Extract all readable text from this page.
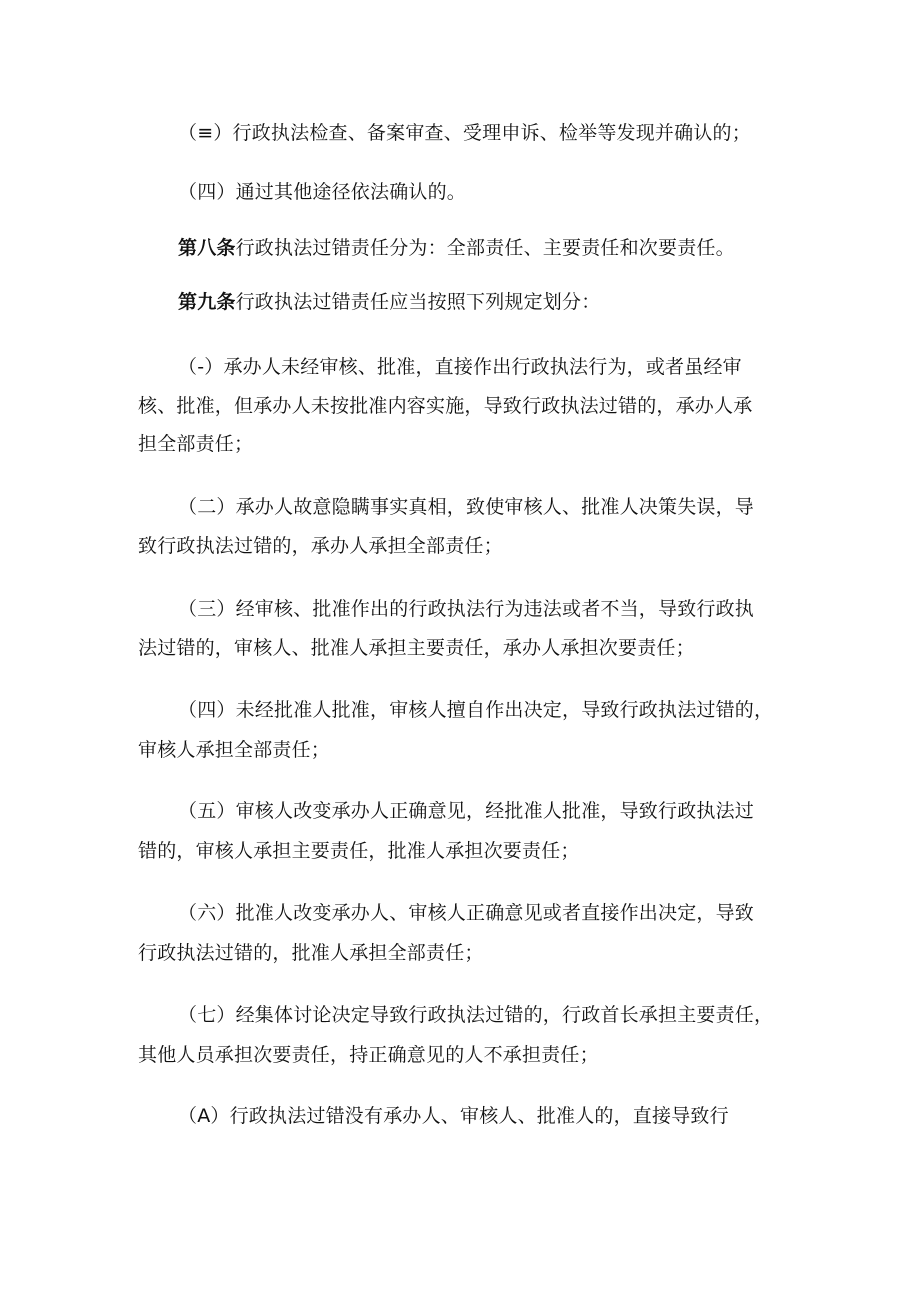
（≡）行政执法检查、备案审查、受理申诉、检举等发现并确认的；
（四）通过其他途径依法确认的。
第八条行政执法过错责任分为：全部责任、主要责任和次要责任。
第九条行政执法过错责任应当按照下列规定划分：
（-）承办人未经审核、批准，直接作出行政执法行为，或者虽经审
核、批准，但承办人未按批准内容实施，导致行政执法过错的，承办人承
担全部责任；
（二）承办人故意隐瞒事实真相，致使审核人、批准人决策失误，导
致行政执法过错的，承办人承担全部责任；
（三）经审核、批准作出的行政执法行为违法或者不当，导致行政执
法过错的，审核人、批准人承担主要责任，承办人承担次要责任；
（四）未经批准人批准，审核人擅自作出决定，导致行政执法过错的，
审核人承担全部责任；
（五）审核人改变承办人正确意见，经批准人批准，导致行政执法过
错的，审核人承担主要责任，批准人承担次要责任；
（六）批准人改变承办人、审核人正确意见或者直接作出决定，导致
行政执法过错的，批准人承担全部责任；
（七）经集体讨论决定导致行政执法过错的，行政首长承担主要责任，
其他人员承担次要责任，持正确意见的人不承担责任；
（A）行政执法过错没有承办人、审核人、批准人的，直接导致行
